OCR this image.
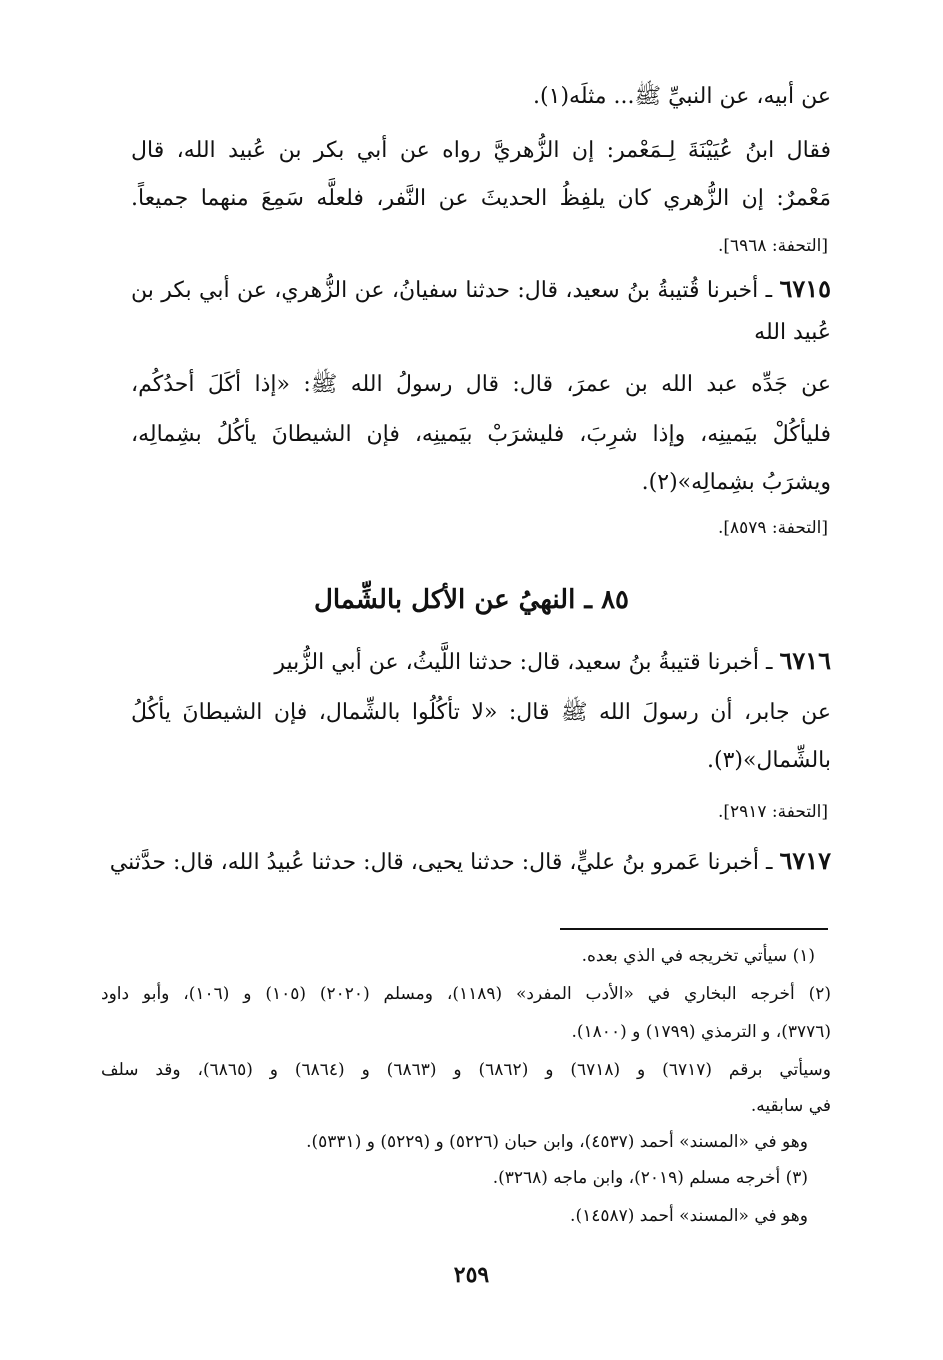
عن أبيه، عن النبيِّ ﷺ... مثلَه(١).
فقال ابنُ عُيَيْنَةَ لِـمَعْمر: إن الزُّهريَّ رواه عن أبي بكر بن عُبيد الله، قال
مَعْمرٌ: إن الزُّهري كان يلفِظُ الحديثَ عن النَّفر، فلعلَّه سَمِعَ منهما جميعاً.
[التحفة: ٦٩٦٨].
٦٧١٥ ـ أخبرنا قُتيبةُ بنُ سعيد، قال: حدثنا سفيانُ، عن الزُّهري، عن أبي بكر بن
عُبيد الله
عن جَدِّه عبد الله بن عمرَ، قال: قال رسولُ الله ﷺ: «إذا أكَلَ أحدُكُم،
فليأكُلْ بيَمينِه، وإذا شرِبَ، فليشرَبْ بيَمينِه، فإن الشيطانَ يأكُلُ بشِمالِه،
ويشرَبُ بشِمالِه»(٢).
[التحفة: ٨٥٧٩].
٨٥ ـ النهيُ عن الأكل بالشِّمال
٦٧١٦ ـ أخبرنا قتيبةُ بنُ سعيد، قال: حدثنا اللَّيثُ، عن أبي الزُّبير
عن جابر، أن رسولَ الله ﷺ قال: «لا تأكُلُوا بالشِّمال، فإن الشيطانَ يأكُلُ
بالشِّمال»(٣).
[التحفة: ٢٩١٧].
٦٧١٧ ـ أخبرنا عَمرو بنُ عليٍّ، قال: حدثنا يحيى، قال: حدثنا عُبيدُ الله، قال: حدَّثني
(١) سيأتي تخريجه في الذي بعده.
(٢) أخرجه البخاري في «الأدب المفرد» (١١٨٩)، ومسلم (٢٠٢٠) (١٠٥) و (١٠٦)، وأبو داود
(٣٧٧٦)، و الترمذي (١٧٩٩) و (١٨٠٠).
وسيأتي برقم (٦٧١٧) و (٦٧١٨) و (٦٨٦٢) و (٦٨٦٣) و (٦٨٦٤) و (٦٨٦٥)، وقد سلف
في سابقيه.
وهو في «المسند» أحمد (٤٥٣٧)، وابن حبان (٥٢٢٦) و (٥٢٢٩) و (٥٣٣١).
(٣) أخرجه مسلم (٢٠١٩)، وابن ماجه (٣٢٦٨).
وهو في «المسند» أحمد (١٤٥٨٧).
٢٥٩
